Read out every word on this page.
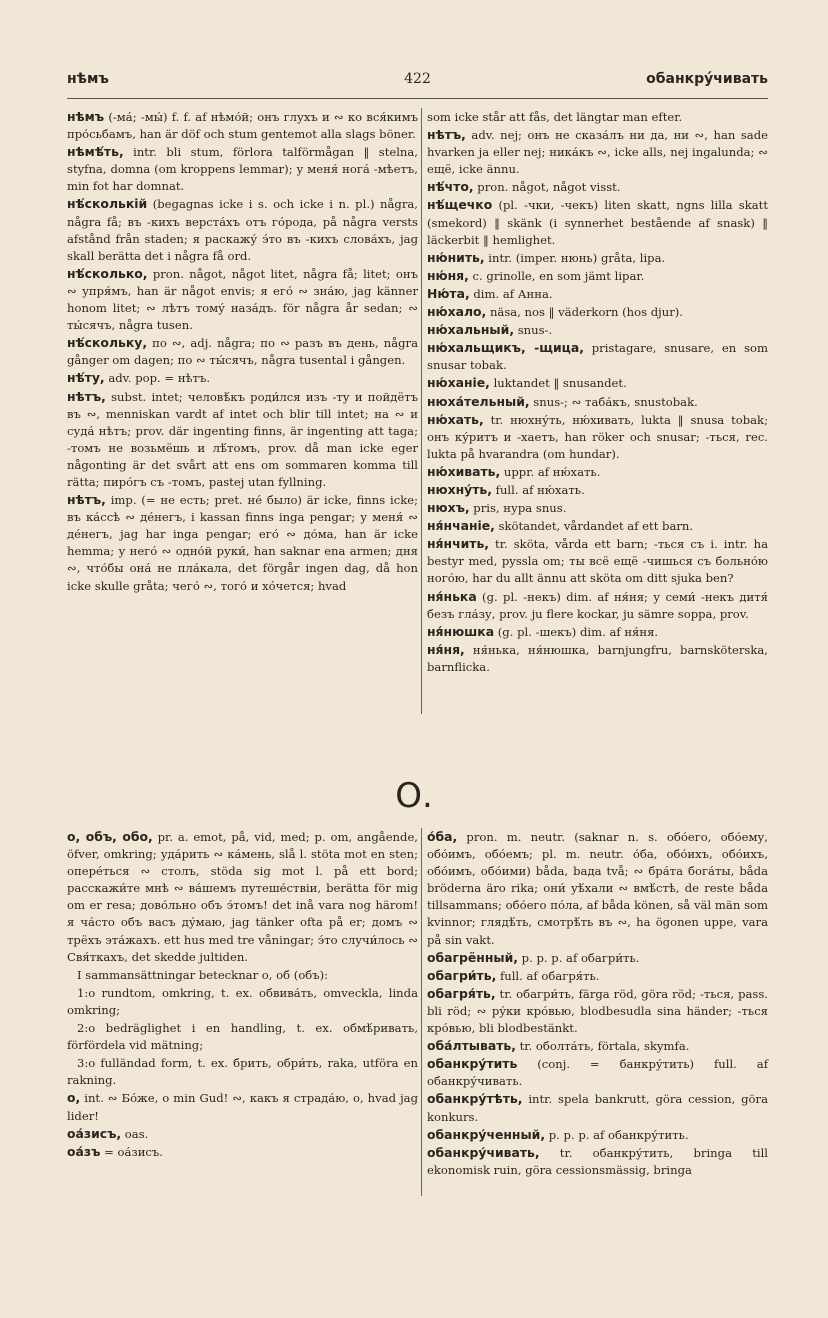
нѣмъ	422	обанкру́чивать

нѣмъ (-ма́; -мы́) f. f. af нѣмо́й; онъ глухъ и ∾ ко вся́кимъ про́сьбамъ, han är döf och stum gentemot alla slags böner.

нѣмѣ́ть, intr. bli stum, förlora talförmågan ‖ stelna, styfna, domna (om kroppens lemmar); у меня́ нога́ -мѣетъ, min fot har domnat.

нѣ́сколькiй (begagnas icke i s. och icke i n. pl.) några, några få; въ -кихъ верста́хъ отъ го́рода, på några versts afstånd från staden; я раскажу́ э́то въ -кихъ слова́хъ, jag skall berätta det i några få ord.

нѣ́сколько, pron. något, något litet, några få; litet; онъ ∾ упря́мъ, han är något envis; я его́ ∾ зна́ю, jag känner honom litet; ∾ лѣтъ тому́ наза́дъ. för några år sedan; ∾ ты́сячъ, några tusen.

нѣ́скольку, по ∾, adj. några; по ∾ разъ въ день, några gånger om dagen; по ∾ ты́сячъ, några tusental i gången.

нѣ́ту, adv. pop. = нѣтъ.

нѣтъ, subst. intet; человѣ́къ роди́лся изъ -ту и пойдётъ въ ∾, menniskan vardt af intet och blir till intet; на ∾ и суда́ нѣтъ; prov. där ingenting finns, är ingenting att taga; -томъ не возьмёшь и лѣ́томъ, prov. då man icke eger någonting är det svårt att ens om sommaren komma till rätta; пиро́гъ съ -томъ, pastej utan fyllning.

нѣтъ, imp. (= не есть; pret. не́ было) är icke, finns icke; въ ка́ссѣ ∾ де́негъ, i kassan finns inga pengar; у меня́ ∾ де́негъ, jag har inga pengar; его́ ∾ до́ма, han är icke hemma; у него́ ∾ одно́й руки́, han saknar ena armen; дня ∾, что́бы она́ не пла́кала, det förgår ingen dag, då hon icke skulle gråta; чего́ ∾, того́ и хо́чется; hvad

som icke står att fås, det längtar man efter.

нѣтъ, adv. nej; онъ не сказа́лъ ни да, ни ∾, han sade hvarken ja eller nej; ника́къ ∾, icke alls, nej ingalunda; ∾ ещё, icke ännu.

нѣ́что, pron. något, något visst.

нѣ́щечко (pl. -чки, -чекъ) liten skatt, ngns lilla skatt (smekord) ‖ skänk (i synnerhet bestående af snask) ‖ läckerbit ‖ hemlighet.

ню́нить, intr. (imper. нюнь) gråta, lipa.

ню́ня, c. grinolle, en som jämt lipar.

Ню́та, dim. af Анна.

ню́хало, näsa, nos ‖ väderkorn (hos djur).

ню́хальный, snus-.

ню́хальщикъ, -щица, pristagare, snusare, en som snusar tobak.

ню́ханiе, luktandet ‖ snusandet.

нюха́тельный, snus-; ∾ таба́къ, snustobak.

ню́хать, tr. нюхну́ть, ню́хивать, lukta ‖ snusa tobak; онъ ку́ритъ и -хаетъ, han röker och snusar; -ться, rec. lukta på hvarandra (om hundar).

ню́хивать, uppr. af ню́хать.

нюхну́ть, full. af ню́хать.

нюхъ, pris, нура snus.

ня́нчанiе, skötandet, vårdandet af ett barn.

ня́нчить, tr. sköta, vårda ett barn; -ться съ i. intr. ha bestyr med, pyssla om; ты всё ещё -чишься съ больно́ю ного́ю, har du allt ännu att sköta om ditt sjuka ben?

ня́нька (g. pl. -некъ) dim. af ня́ня; у семи́ -некъ дитя́ безъ гла́зу, prov. ju flere kockar, ju sämre soppa, prov.

ня́нюшка (g. pl. -шекъ) dim. af ня́ня.

ня́ня, ня́нька, ня́нюшка, barnjungfru, barnsköterska, barnflicka.

О.

о, объ, обо, pr. a. emot, på, vid, med; p. om, angående, öfver, omkring; уда́рить ∾ ка́мень, slå l. stöta mot en sten; опере́ться ∾ столъ, stöda sig mot l. på ett bord; расскажи́те мнѣ ∾ ва́шемъ путеше́ствiи, berätta för mig om er resa; дово́льно объ э́томъ! det inå vara nog härom! я ча́сто объ васъ ду́маю, jag tänker ofta på er; домъ ∾ трёхъ эта́жахъ. ett hus med tre våningar; э́то случи́лось ∾ Свя́ткахъ, det skedde jultiden.

I sammansättningar betecknar о, об (объ):

1:o rundtom, omkring, t. ex. обвива́ть, omveckla, linda omkring;

2:o bedräglighet i en handling, t. ex. обмѣ́ривать, förfördela vid mätning;

3:o fulländad form, t. ex. брить, обри́ть, raka, utföra en rakning.

о, int. ∾ Бо́же, o min Gud! ∾, какъ я страда́ю, o, hvad jag lider!

оа́зисъ, oas.

оа́зъ = оа́зисъ.

о́ба, pron. m. neutr. (saknar n. s. обо́его, обо́ему, обо́имъ, обо́емъ; pl. m. neutr. о́ба, обо́ихъ, обо́ихъ, обо́имъ, обо́ими) båda, bада två; ∾ бра́та бога́ты, båda bröderna äro rika; они́ уѣ́хали ∾ вмѣ́стѣ, de reste båda tillsammans; обо́его по́ла, af båda könen, så väl män som kvinnor; глядѣ́ть, смотрѣ́ть въ ∾, ha ögonen uppe, vara på sin vakt.

обагрённый, p. p. p. af обагри́ть.

обагри́ть, full. af обагря́ть.

обагря́ть, tr. обагри́ть, färga röd, göra röd; -ться, pass. bli röd; ∾ ру́ки кро́вью, blodbesudla sina händer; -ться кро́вью, bli blodbestänkt.

оба́лтывать, tr. оболта́ть, förtala, skymfa.

обанкру́тить (conj. = банкру́тить) full. af обанкру́чивать.

обанкру́тѣть, intr. spela bankrutt, göra cession, göra konkurs.

обанкру́ченный, p. p. p. af обанкру́тить.

обанкру́чивать, tr. обанкру́тить, bringa till ekonomisk ruin, göra cessionsmässig, bringa
